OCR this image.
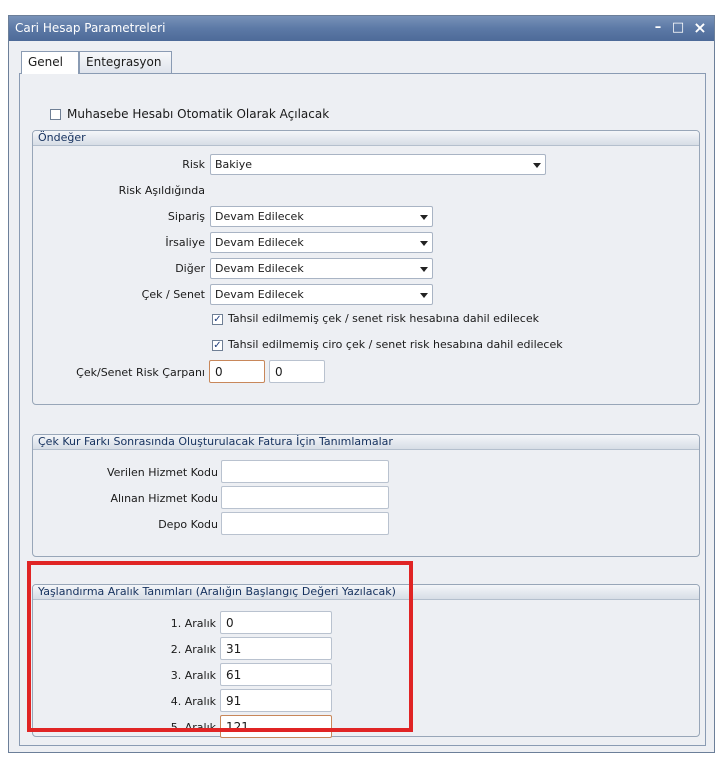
Cari Hesap Parametreleri	– □ ×
Genel	Entegrasyon
Muhasebe Hesabı Otomatik Olarak Açılacak
Öndeğer
Risk Bakiye
Risk Aşıldığında
Sipariş Devam Edilecek
İrsaliye Devam Edilecek
Diğer Devam Edilecek
Çek / Senet Devam Edilecek
✓ Tahsil edilmemiş çek / senet risk hesabına dahil edilecek
✓ Tahsil edilmemiş ciro çek / senet risk hesabına dahil edilecek
Çek/Senet Risk Çarpanı 0	0
Çek Kur Farkı Sonrasında Oluşturulacak Fatura İçin Tanımlamalar
Verilen Hizmet Kodu
Alınan Hizmet Kodu
Depo Kodu
Yaşlandırma Aralık Tanımları (Aralığın Başlangıç Değeri Yazılacak)
1. Aralık 0
2. Aralık 31
3. Aralık 61
4. Aralık 91
5. Aralık 121
